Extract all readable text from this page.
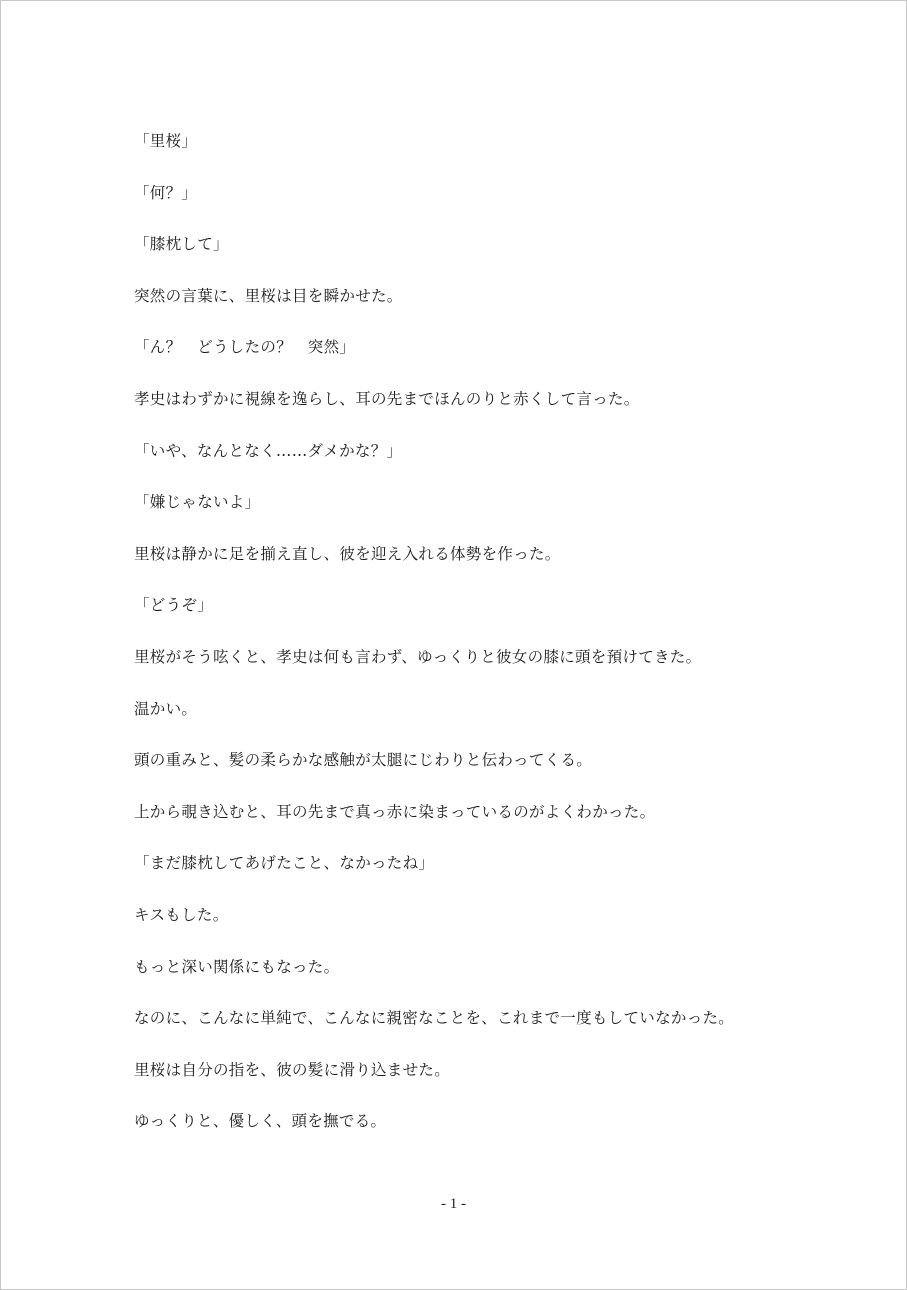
「里桜」
「何？」
「膝枕して」
突然の言葉に、里桜は目を瞬かせた。
「ん？　どうしたの？　突然」
孝史はわずかに視線を逸らし、耳の先までほんのりと赤くして言った。
「いや、なんとなく……ダメかな？」
「嫌じゃないよ」
里桜は静かに足を揃え直し、彼を迎え入れる体勢を作った。
「どうぞ」
里桜がそう呟くと、孝史は何も言わず、ゆっくりと彼女の膝に頭を預けてきた。
温かい。
頭の重みと、髪の柔らかな感触が太腿にじわりと伝わってくる。
上から覗き込むと、耳の先まで真っ赤に染まっているのがよくわかった。
「まだ膝枕してあげたこと、なかったね」
キスもした。
もっと深い関係にもなった。
なのに、こんなに単純で、こんなに親密なことを、これまで一度もしていなかった。
里桜は自分の指を、彼の髪に滑り込ませた。
ゆっくりと、優しく、頭を撫でる。
- 1 -
